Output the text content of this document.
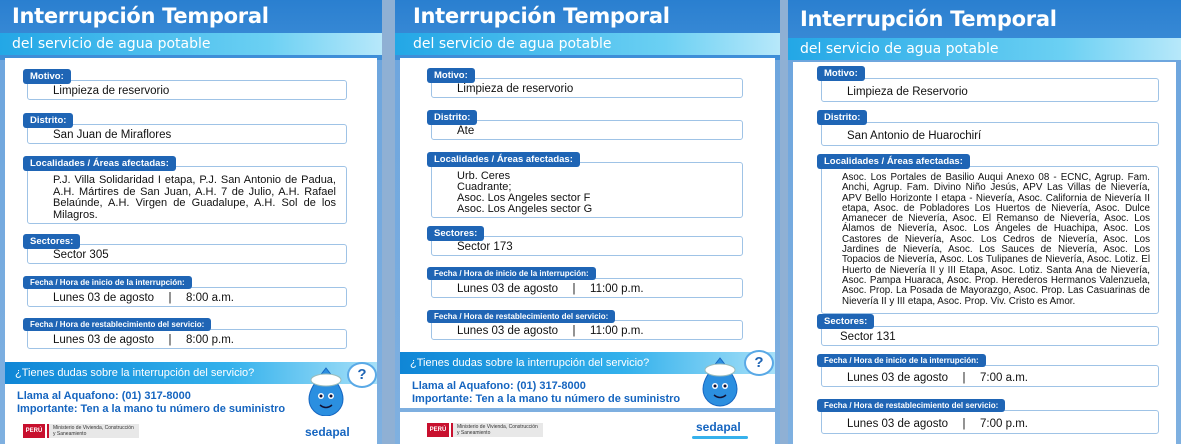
Interrupción Temporal
del servicio de agua potable
Motivo:
Limpieza de reservorio
Distrito:
San Juan de Miraflores
Localidades / Áreas afectadas:
P.J. Villa Solidaridad I etapa, P.J. San Antonio de Padua, A.H. Mártires de San Juan, A.H. 7 de Julio, A.H. Rafael Belaúnde, A.H. Virgen de Guadalupe, A.H. Sol de los Milagros.
Sectores:
Sector 305
Fecha / Hora de inicio de la interrupción:
Lunes 03 de agosto | 8:00 a.m.
Fecha / Hora de restablecimiento del servicio:
Lunes 03 de agosto | 8:00 p.m.
¿Tienes dudas sobre la interrupción del servicio?
Llama al Aquafono: (01) 317-8000
Importante: Ten a la mano tu número de suministro
?
PERÚ	Ministerio de Vivienda, Construcción y Saneamiento	sedapal
Interrupción Temporal
del servicio de agua potable
Motivo:
Limpieza de reservorio
Distrito:
Ate
Localidades / Áreas afectadas:
Urb. Ceres
Cuadrante;
Asoc. Los Angeles sector F
Asoc. Los Angeles sector G
Sectores:
Sector 173
Fecha / Hora de inicio de la interrupción:
Lunes 03 de agosto | 11:00 p.m.
Fecha / Hora de restablecimiento del servicio:
Lunes 03 de agosto | 11:00 p.m.
¿Tienes dudas sobre la interrupción del servicio?
Llama al Aquafono: (01) 317-8000
Importante: Ten a la mano tu número de suministro
?
PERÚ	Ministerio de Vivienda, Construcción y Saneamiento	sedapal
Interrupción Temporal
del servicio de agua potable
Motivo:
Limpieza de Reservorio
Distrito:
San Antonio de Huarochirí
Localidades / Áreas afectadas:
Asoc. Los Portales de Basilio Auqui Anexo 08 - ECNC, Agrup. Fam. Anchi, Agrup. Fam. Divino Niño Jesús, APV Las Villas de Nievería, APV Bello Horizonte I etapa - Nievería, Asoc. California de Nievería II etapa, Asoc. de Pobladores Los Huertos de Nievería, Asoc. Dulce Amanecer de Nievería, Asoc. El Remanso de Nievería, Asoc. Los Álamos de Nievería, Asoc. Los Ángeles de Huachipa, Asoc. Los Castores de Nievería, Asoc. Los Cedros de Nievería, Asoc. Los Jardines de Nievería, Asoc. Los Sauces de Nievería, Asoc. Los Topacios de Nievería, Asoc. Los Tulipanes de Nievería, Asoc. Lotiz. El Huerto de Nievería II y III Etapa, Asoc. Lotiz. Santa Ana de Nievería, Asoc. Pampa Huaraca, Asoc. Prop. Herederos Hermanos Valenzuela, Asoc. Prop. La Posada de Mayorazgo, Asoc. Prop. Las Casuarinas de Nievería II y III etapa, Asoc. Prop. Viv. Cristo es Amor.
Sectores:
Sector 131
Fecha / Hora de inicio de la interrupción:
Lunes 03 de agosto | 7:00 a.m.
Fecha / Hora de restablecimiento del servicio:
Lunes 03 de agosto | 7:00 p.m.
